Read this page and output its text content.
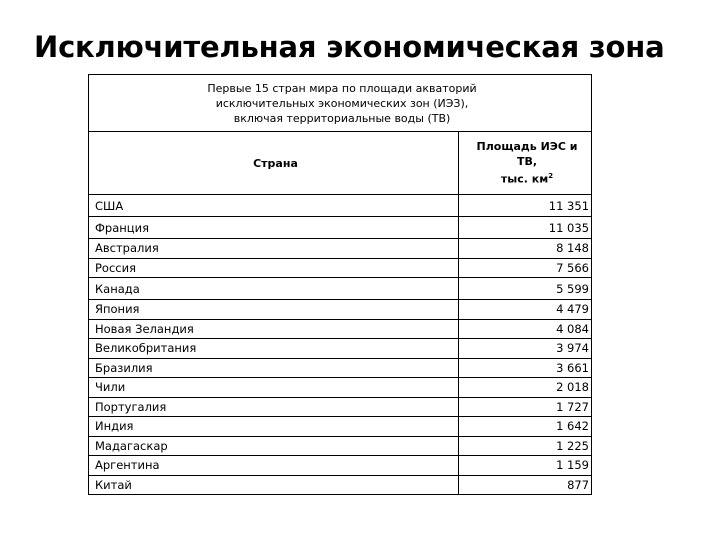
Исключительная экономическая зона
Первые 15 стран мира по площади акваторий
исключительных экономических зон (ИЭЗ),
включая территориальные воды (ТВ)	

Страна	Площадь ИЭС и ТВ,
тыс. $км^2$

США	11 351
Франция	11 035
Австралия	8 148
Россия	7 566
Канада	5 599
Япония	4 479
Новая Зеландия	4 084
Великобритания	3 974
Бразилия	3 661
Чили	2 018
Португалия	1 727
Индия	1 642
Мадагаскар	1 225
Аргентина	1 159
Китай	877
